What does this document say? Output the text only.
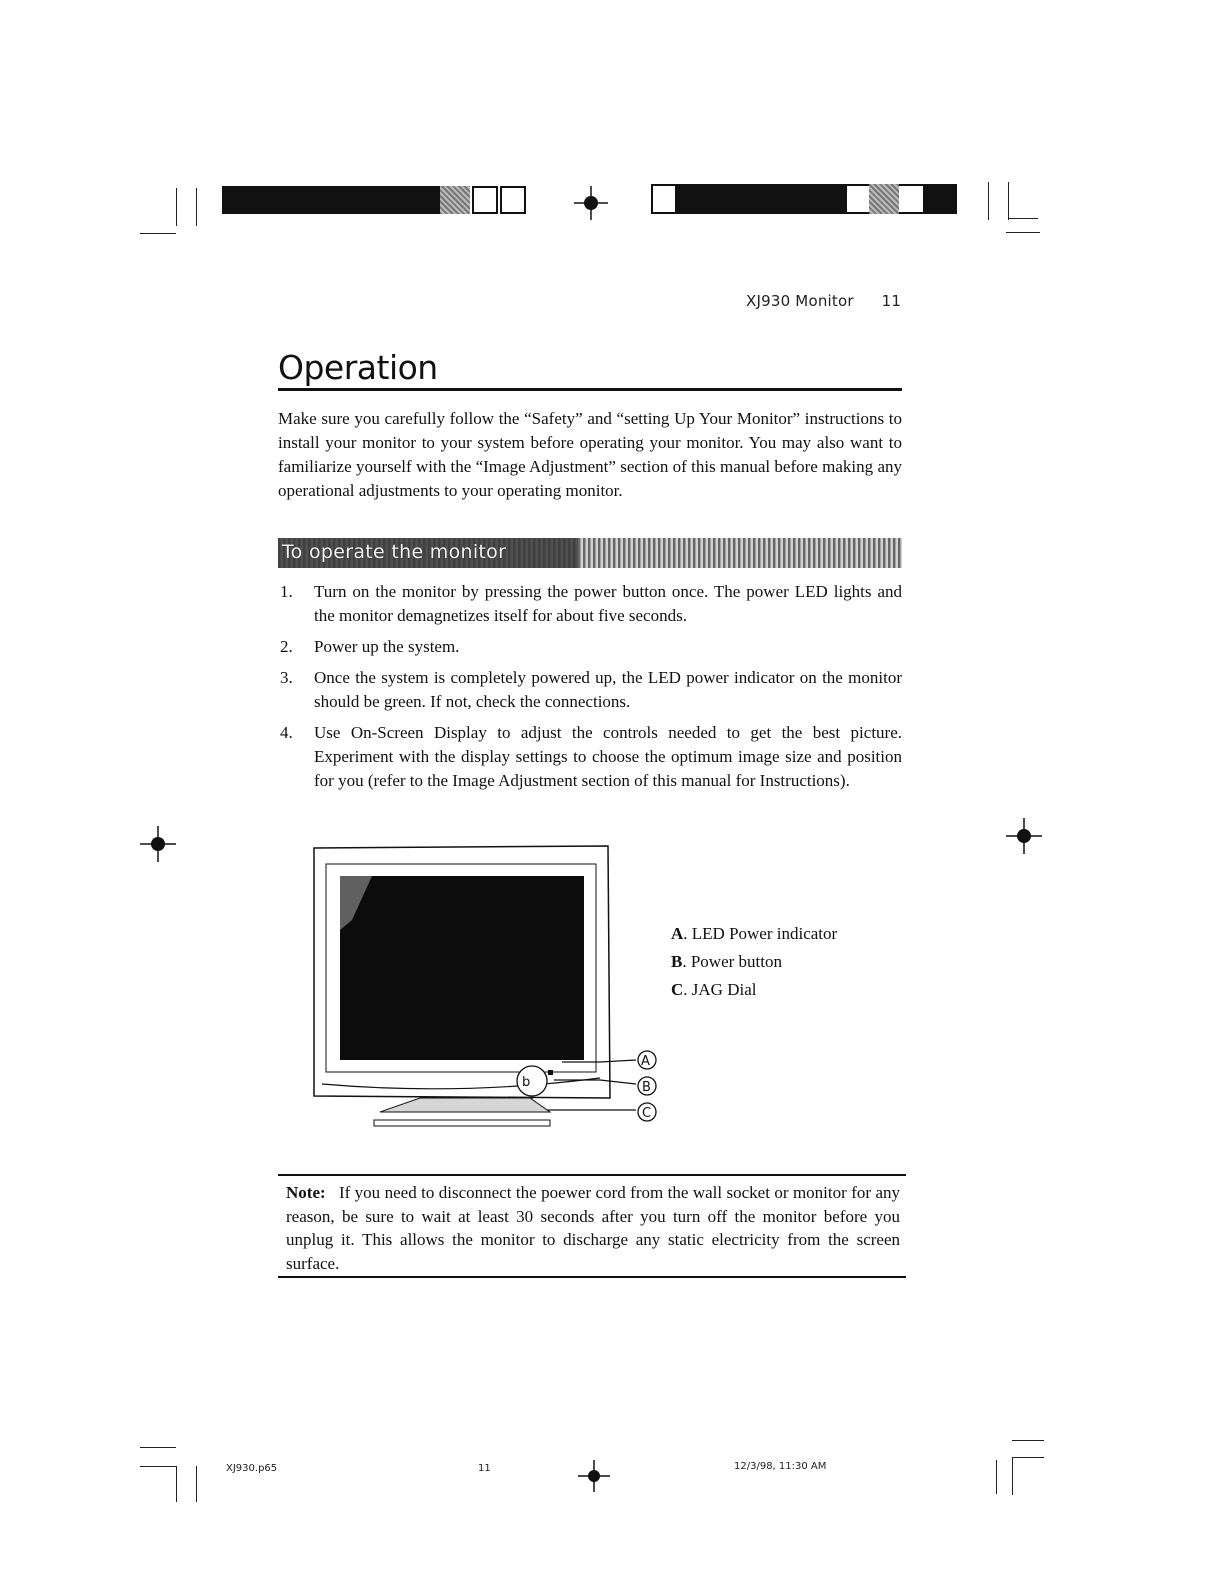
XJ930 Monitor 11
Operation
Make sure you carefully follow the “Safety” and “setting Up Your Monitor” instructions to install your monitor to your system before operating your monitor. You may also want to familiarize yourself with the “Image Adjustment” section of this manual before making any operational adjustments to your operating monitor.
To operate the monitor
1. Turn on the monitor by pressing the power button once. The power LED lights and the monitor demagnetizes itself for about five seconds.
2. Power up the system.
3. Once the system is completely powered up, the LED power indicator on the monitor should be green. If not, check the connections.
4. Use On-Screen Display to adjust the controls needed to get the best picture. Experiment with the display settings to choose the optimum image size and position for you (refer to the Image Adjustment section of this manual for Instructions).
b
A
B
C
A. LED Power indicator
B. Power button
C. JAG Dial
Note: If you need to disconnect the poewer cord from the wall socket or monitor for any reason, be sure to wait at least 30 seconds after you turn off the monitor before you unplug it. This allows the monitor to discharge any static electricity from the screen surface.
XJ930.p65	11	12/3/98, 11:30 AM
